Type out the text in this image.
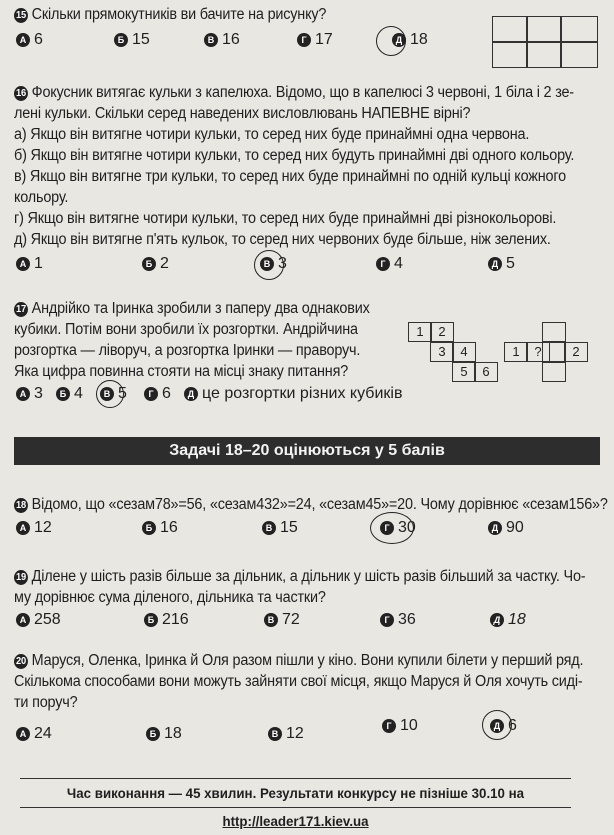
15 Скільки прямокутників ви бачите на рисунку?
A 6	Б 15	В 16	Г 17	Д 18
16 Фокусник витягає кульки з капелюха. Відомо, що в капелюсі 3 червоні, 1 біла і 2 зе-
лені кульки. Скільки серед наведених висловлювань НАПЕВНЕ вірні?
а) Якщо він витягне чотири кульки, то серед них буде принаймні одна червона.
б) Якщо він витягне чотири кульки, то серед них будуть принаймні дві одного кольору.
в) Якщо він витягне три кульки, то серед них буде принаймні по одній кульці кожного
кольору.
г) Якщо він витягне чотири кульки, то серед них буде принаймні дві різнокольорові.
д) Якщо він витягне п'ять кульок, то серед них червоних буде більше, ніж зелених.
A 1	Б 2	В 3	Г 4	Д 5
17 Андрійко та Іринка зробили з паперу два однакових
кубики. Потім вони зробили їх розгортки. Андрійчина
розгортка — ліворуч, а розгортка Іринки — праворуч.
Яка цифра повинна стояти на місці знаку питання?
A 3	Б 4	В 5	Г 6	Д це розгортки різних кубиків
1	2
3	4
5	6
1	?	2
Задачі 18–20 оцінюються у 5 балів
18 Відомо, що «сезам78»=56, «сезам432»=24, «сезам45»=20. Чому дорівнює «сезам156»?
A 12	Б 16	В 15	Г 30	Д 90
19 Ділене у шість разів більше за дільник, а дільник у шість разів більший за частку. Чо-
му дорівнює сума діленого, дільника та частки?
A 258	Б 216	В 72	Г 36	Д 18
20 Маруся, Оленка, Іринка й Оля разом пішли у кіно. Вони купили білети у перший ряд.
Скількома способами вони можуть зайняти свої місця, якщо Маруся й Оля хочуть сиді-
ти поруч?
A 24	Б 18	В 12	Г 10	Д 6
Час виконання — 45 хвилин. Результати конкурсу не пізніше 30.10 на http://leader171.kiev.ua
